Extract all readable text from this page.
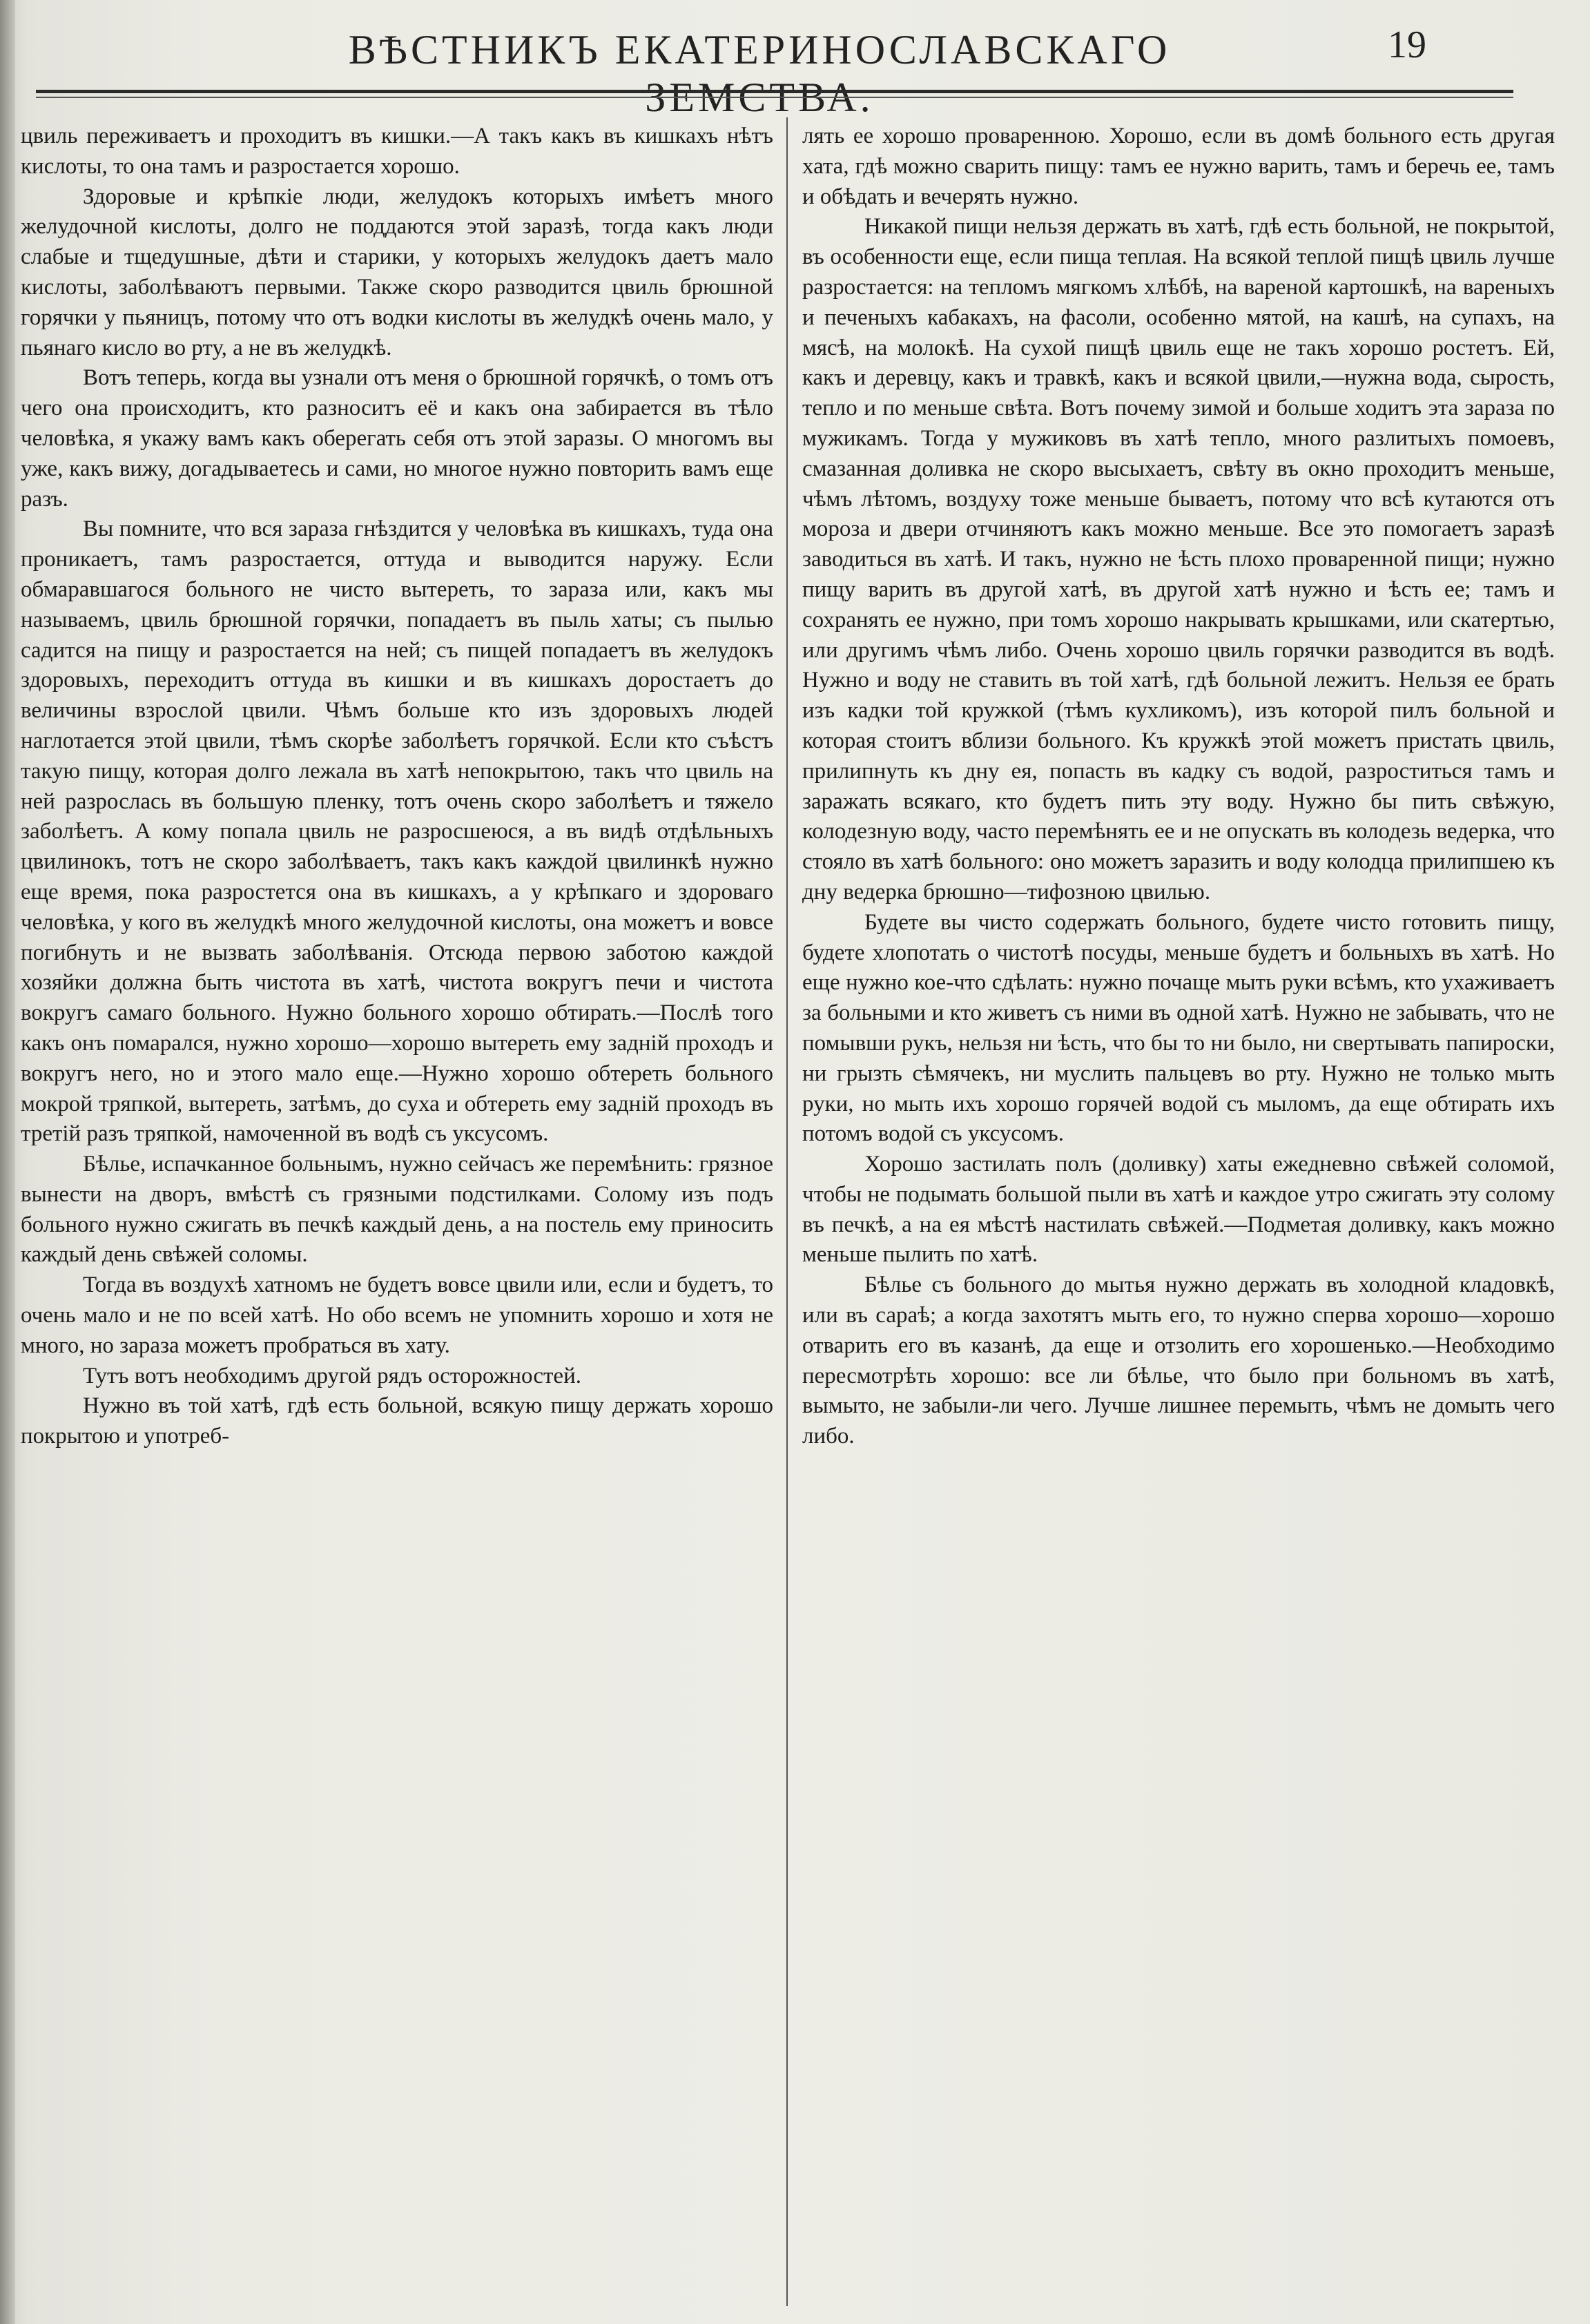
ВѢСТНИКЪ ЕКАТЕРИНОСЛАВСКАГО	19

цвиль переживаетъ и проходитъ въ кишки.—А такъ какъ въ кишкахъ нѣтъ кислоты, то она тамъ и разростается хорошо.

Здоровые и крѣпкіе люди, желудокъ которыхъ имѣетъ много желудочной кислоты, долго не поддаются этой заразѣ, тогда какъ люди слабые и тщедушные, дѣти и старики, у которыхъ желудокъ даетъ мало кислоты, заболѣваютъ первыми. Также скоро разводится цвиль брюшной горячки у пьяницъ, потому что отъ водки кислоты въ желудкѣ очень мало, у пьянаго кисло во рту, а не въ желудкѣ.

Вотъ теперь, когда вы узнали отъ меня о брюшной горячкѣ, о томъ отъ чего она происходитъ, кто разноситъ её и какъ она забирается въ тѣло человѣка, я укажу вамъ какъ оберегать себя отъ этой заразы. О многомъ вы уже, какъ вижу, догадываетесь и сами, но многое нужно повторить вамъ еще разъ.

Вы помните, что вся зараза гнѣздится у человѣка въ кишкахъ, туда она проникаетъ, тамъ разростается, оттуда и выводится наружу. Если обмаравшагося больного не чисто вытереть, то зараза или, какъ мы называемъ, цвиль брюшной горячки, попадаетъ въ пыль хаты; съ пылью садится на пищу и разростается на ней; съ пищей попадаетъ въ желудокъ здоровыхъ, переходитъ оттуда въ кишки и въ кишкахъ доростаетъ до величины взрослой цвили. Чѣмъ больше кто изъ здоровыхъ людей наглотается этой цвили, тѣмъ скорѣе заболѣетъ горячкой. Если кто съѣстъ такую пищу, которая долго лежала въ хатѣ непокрытою, такъ что цвиль на ней разрослась въ большую пленку, тотъ очень скоро заболѣетъ и тяжело заболѣетъ. А кому попала цвиль не разросшеюся, а въ видѣ отдѣльныхъ цвилинокъ, тотъ не скоро заболѣваетъ, такъ какъ каждой цвилинкѣ нужно еще время, пока разростется она въ кишкахъ, а у крѣпкаго и здороваго человѣка, у кого въ желудкѣ много желудочной кислоты, она можетъ и вовсе погибнуть и не вызвать заболѣванія. Отсюда первою заботою каждой хозяйки должна быть чистота въ хатѣ, чистота вокругъ печи и чистота вокругъ самаго больного. Нужно больного хорошо обтирать.—Послѣ того какъ онъ помарался, нужно хорошо—хорошо вытереть ему задній проходъ и вокругъ него, но и этого мало еще.—Нужно хорошо обтереть больного мокрой тряпкой, вытереть, затѣмъ, до суха и обтереть ему задній проходъ въ третій разъ тряпкой, намоченной въ водѣ съ уксусомъ.

Бѣлье, испачканное больнымъ, нужно сейчасъ же перемѣнить: грязное вынести на дворъ, вмѣстѣ съ грязными подстилками. Солому изъ подъ больного нужно сжигать въ печкѣ каждый день, а на постель ему приносить каждый день свѣжей соломы.

Тогда въ воздухѣ хатномъ не будетъ вовсе цвили или, если и будетъ, то очень мало и не по всей хатѣ. Но обо всемъ не упомнить хорошо и хотя не много, но зараза можетъ пробраться въ хату.

Тутъ вотъ необходимъ другой рядъ осторожностей.

Нужно въ той хатѣ, гдѣ есть больной, всякую пищу держать хорошо покрытою и употреб-

лять ее хорошо проваренною. Хорошо, если въ домѣ больного есть другая хата, гдѣ можно сварить пищу: тамъ ее нужно варить, тамъ и беречь ее, тамъ и обѣдать и вечерять нужно.

Никакой пищи нельзя держать въ хатѣ, гдѣ есть больной, не покрытой, въ особенности еще, если пища теплая. На всякой теплой пищѣ цвиль лучше разростается: на тепломъ мягкомъ хлѣбѣ, на вареной картошкѣ, на вареныхъ и печеныхъ кабакахъ, на фасоли, особенно мятой, на кашѣ, на супахъ, на мясѣ, на молокѣ. На сухой пищѣ цвиль еще не такъ хорошо ростетъ. Ей, какъ и деревцу, какъ и травкѣ, какъ и всякой цвили,—нужна вода, сырость, тепло и по меньше свѣта. Вотъ почему зимой и больше ходитъ эта зараза по мужикамъ. Тогда у мужиковъ въ хатѣ тепло, много разлитыхъ помоевъ, смазанная доливка не скоро высыхаетъ, свѣту въ окно проходитъ меньше, чѣмъ лѣтомъ, воздуху тоже меньше бываетъ, потому что всѣ кутаются отъ мороза и двери отчиняютъ какъ можно меньше. Все это помогаетъ заразѣ заводиться въ хатѣ. И такъ, нужно не ѣсть плохо проваренной пищи; нужно пищу варить въ другой хатѣ, въ другой хатѣ нужно и ѣсть ее; тамъ и сохранять ее нужно, при томъ хорошо накрывать крышками, или скатертью, или другимъ чѣмъ либо. Очень хорошо цвиль горячки разводится въ водѣ. Нужно и воду не ставить въ той хатѣ, гдѣ больной лежитъ. Нельзя ее брать изъ кадки той кружкой (тѣмъ кухликомъ), изъ которой пилъ больной и которая стоитъ вблизи больного. Къ кружкѣ этой можетъ пристать цвиль, прилипнуть къ дну ея, попасть въ кадку съ водой, разроститься тамъ и заражать всякаго, кто будетъ пить эту воду. Нужно бы пить свѣжую, колодезную воду, часто перемѣнять ее и не опускать въ колодезь ведерка, что стояло въ хатѣ больного: оно можетъ заразить и воду колодца прилипшею къ дну ведерка брюшно—тифозною цвилью.

Будете вы чисто содержать больного, будете чисто готовить пищу, будете хлопотать о чистотѣ посуды, меньше будетъ и больныхъ въ хатѣ. Но еще нужно кое-что сдѣлать: нужно почаще мыть руки всѣмъ, кто ухаживаетъ за больными и кто живетъ съ ними въ одной хатѣ. Нужно не забывать, что не помывши рукъ, нельзя ни ѣсть, что бы то ни было, ни свертывать папироски, ни грызть сѣмячекъ, ни муслить пальцевъ во рту. Нужно не только мыть руки, но мыть ихъ хорошо горячей водой съ мыломъ, да еще обтирать ихъ потомъ водой съ уксусомъ.

Хорошо застилать полъ (доливку) хаты ежедневно свѣжей соломой, чтобы не подымать большой пыли въ хатѣ и каждое утро сжигать эту солому въ печкѣ, а на ея мѣстѣ настилать свѣжей.—Подметая доливку, какъ можно меньше пылить по хатѣ.

Бѣлье съ больного до мытья нужно держать въ холодной кладовкѣ, или въ сараѣ; а когда захотятъ мыть его, то нужно сперва хорошо—хорошо отварить его въ казанѣ, да еще и отзолить его хорошенько.—Необходимо пересмотрѣть хорошо: все ли бѣлье, что было при больномъ въ хатѣ, вымыто, не забыли-ли чего. Лучше лишнее перемыть, чѣмъ не домыть чего либо.
